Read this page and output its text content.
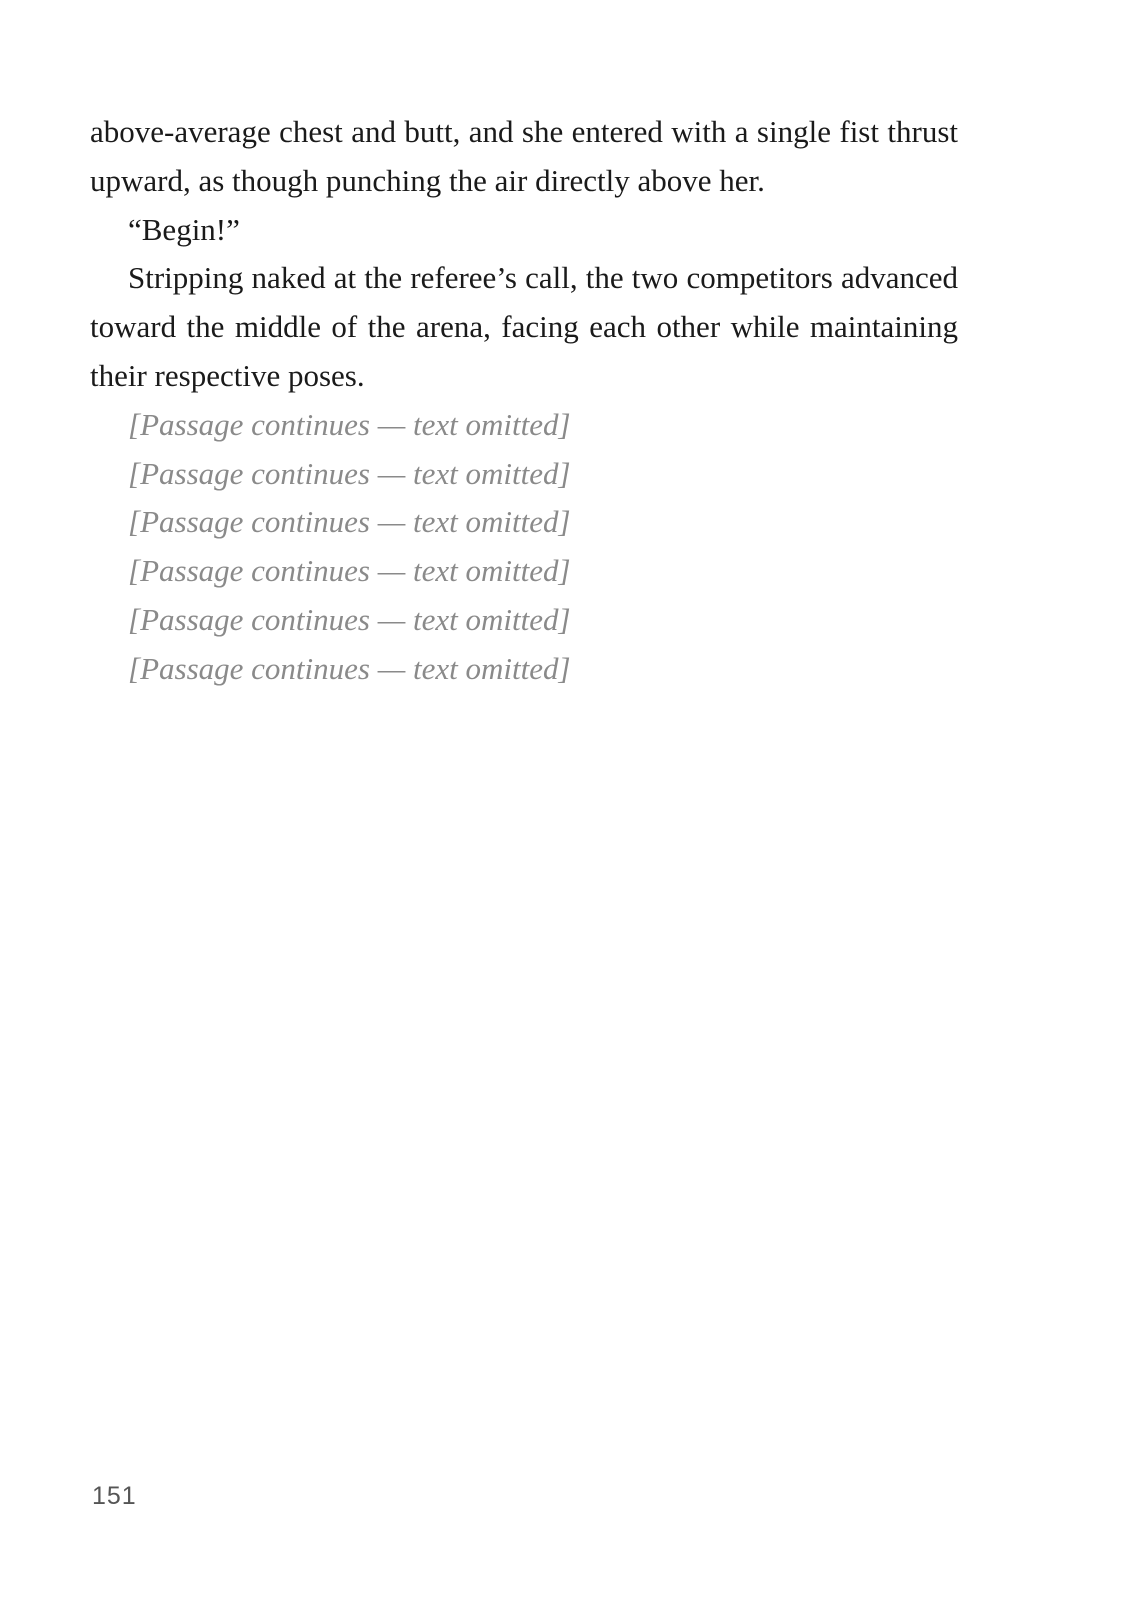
above-average chest and butt, and she entered with a single fist thrust upward, as though punching the air directly above her.

“Begin!”

Stripping naked at the referee’s call, the two competitors advanced toward the middle of the arena, facing each other while maintaining their respective poses.

[Passage continues — text omitted]

[Passage continues — text omitted]

[Passage continues — text omitted]

[Passage continues — text omitted]

[Passage continues — text omitted]

[Passage continues — text omitted]

151
